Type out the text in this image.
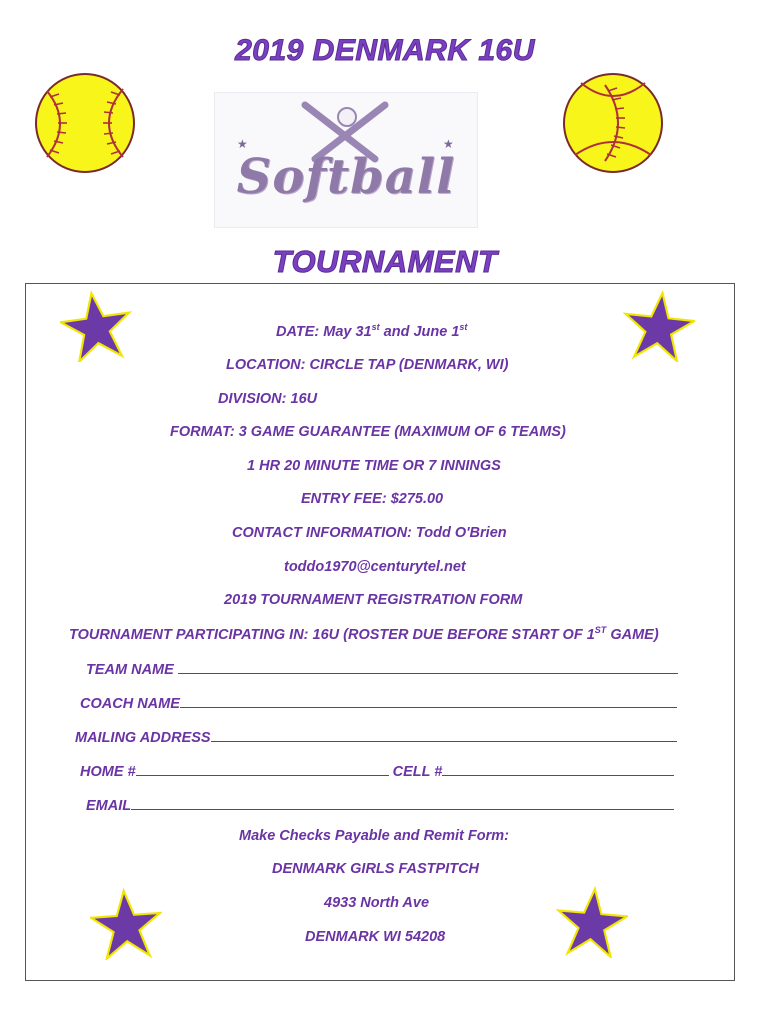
2019 DENMARK 16U
★	★
Softball
TOURNAMENT
DATE: May 31st and June 1st
LOCATION: CIRCLE TAP (DENMARK, WI)
DIVISION: 16U
FORMAT: 3 GAME GUARANTEE (MAXIMUM OF 6 TEAMS)
1 HR 20 MINUTE TIME OR 7 INNINGS
ENTRY FEE: $275.00
CONTACT INFORMATION: Todd O'Brien
toddo1970@centurytel.net
2019 TOURNAMENT REGISTRATION FORM
TOURNAMENT PARTICIPATING IN: 16U (ROSTER DUE BEFORE START OF 1ST GAME)
TEAM NAME
COACH NAME
MAILING ADDRESS
HOME #	CELL #
EMAIL
Make Checks Payable and Remit Form:
DENMARK GIRLS FASTPITCH
4933 North Ave
DENMARK WI 54208
